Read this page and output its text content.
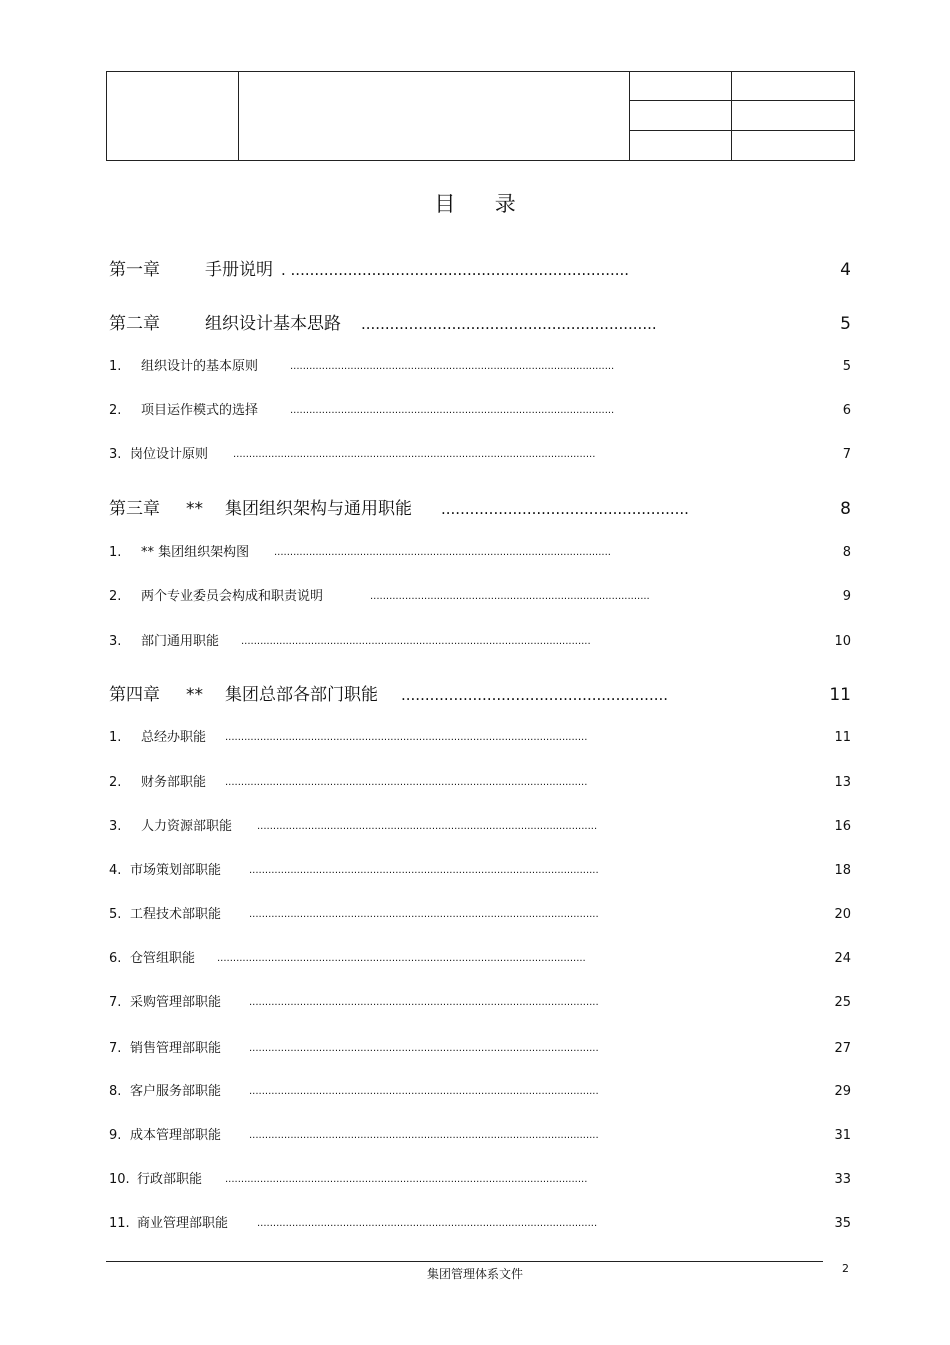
目 录
第一章	手册说明 . .......................................................................	4
第二章	组织设计基本思路 ..............................................................	5
1. 组织设计的基本原则	......................................................................................................	5
2. 项目运作模式的选择	......................................................................................................	6
3. 岗位设计原则 ..................................................................................................................	7
第三章 ** 集团组织架构与通用职能 ....................................................	8
1. ** 集团组织架构图 ..........................................................................................................	8
2. 两个专业委员会构成和职责说明	........................................................................................	9
3. 部门通用职能 ..............................................................................................................	10
第四章 ** 集团总部各部门职能 ........................................................	11
1. 总经办职能 ..................................................................................................................	11
2. 财务部职能 ..................................................................................................................	13
3. 人力资源部职能 ...........................................................................................................	16
4. 市场策划部职能	..............................................................................................................	18
5. 工程技术部职能	..............................................................................................................	20
6. 仓管组职能 ....................................................................................................................	24
7. 采购管理部职能	..............................................................................................................	25
7. 销售管理部职能	..............................................................................................................	27
8. 客户服务部职能	..............................................................................................................	29
9. 成本管理部职能	..............................................................................................................	31
10. 行政部职能 ..................................................................................................................	33
11. 商业管理部职能	...........................................................................................................	35
集团管理体系文件	2
